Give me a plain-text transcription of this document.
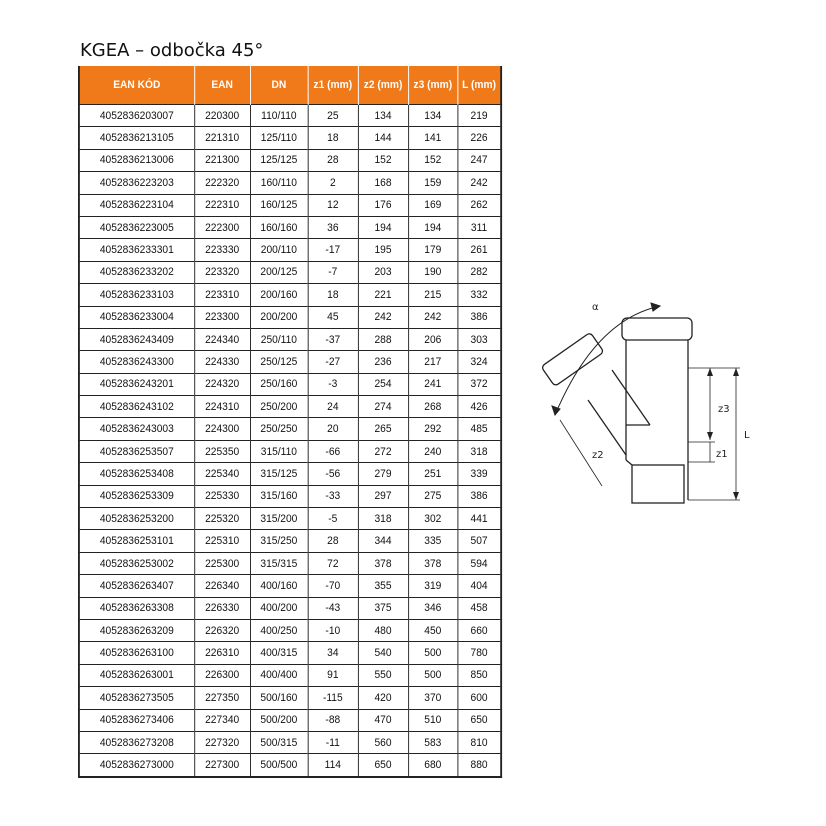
KGEA – odbočka 45°
EAN KÓD	EAN	DN	z1 (mm)	z2 (mm)	z3 (mm)	L (mm)
4052836203007	220300	110/110	25	134	134	219
4052836213105	221310	125/110	18	144	141	226
4052836213006	221300	125/125	28	152	152	247
4052836223203	222320	160/110	2	168	159	242
4052836223104	222310	160/125	12	176	169	262
4052836223005	222300	160/160	36	194	194	311
4052836233301	223330	200/110	-17	195	179	261
4052836233202	223320	200/125	-7	203	190	282
4052836233103	223310	200/160	18	221	215	332
4052836233004	223300	200/200	45	242	242	386
4052836243409	224340	250/110	-37	288	206	303
4052836243300	224330	250/125	-27	236	217	324
4052836243201	224320	250/160	-3	254	241	372
4052836243102	224310	250/200	24	274	268	426
4052836243003	224300	250/250	20	265	292	485
4052836253507	225350	315/110	-66	272	240	318
4052836253408	225340	315/125	-56	279	251	339
4052836253309	225330	315/160	-33	297	275	386
4052836253200	225320	315/200	-5	318	302	441
4052836253101	225310	315/250	28	344	335	507
4052836253002	225300	315/315	72	378	378	594
4052836263407	226340	400/160	-70	355	319	404
4052836263308	226330	400/200	-43	375	346	458
4052836263209	226320	400/250	-10	480	450	660
4052836263100	226310	400/315	34	540	500	780
4052836263001	226300	400/400	91	550	500	850
4052836273505	227350	500/160	-115	420	370	600
4052836273406	227340	500/200	-88	470	510	650
4052836273208	227320	500/315	-11	560	583	810
4052836273000	227300	500/500	114	650	680	880
α
z3
z1
L
z2
